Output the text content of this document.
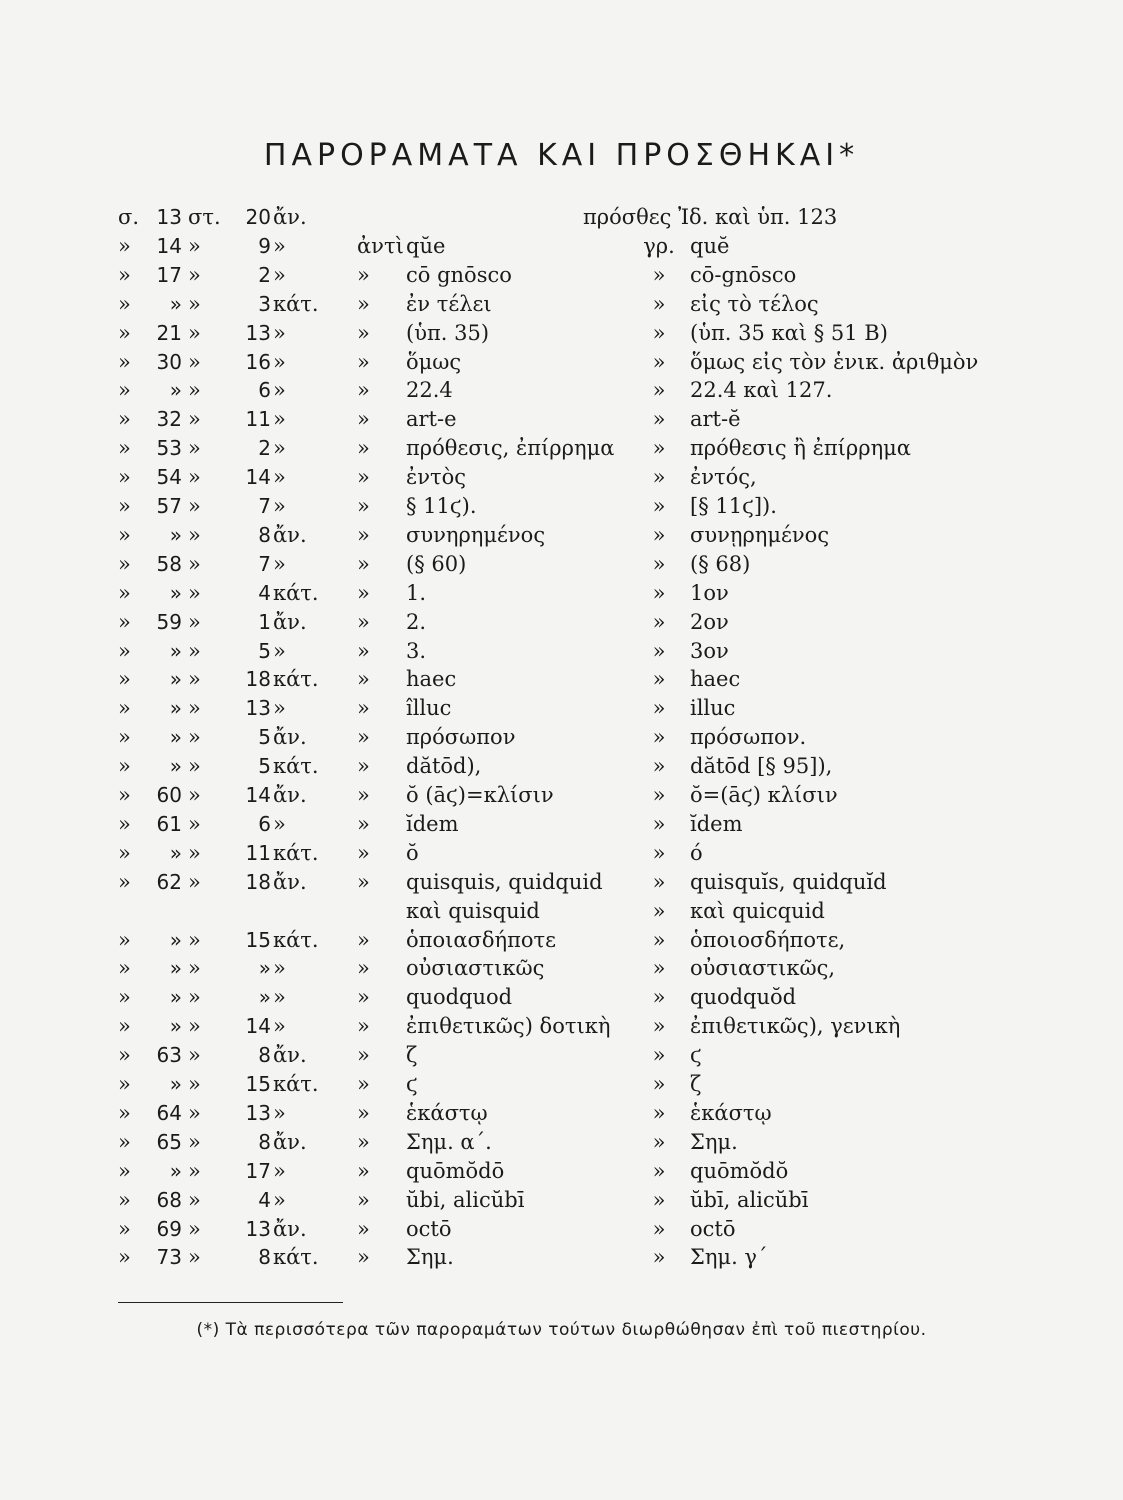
ΠΑΡΟΡΑΜΑΤΑ ΚΑΙ ΠΡΟΣΘΗΚΑΙ*
σ. 13 στ.	20 ἄν.	πρόσθες Ἰδ. καὶ ὑπ. 123
»	14 »	9 »	ἀντὶ qŭe	γρ. quĕ
»	17 »	2 »	»	cō gnōsco	»	cō-gnōsco
»	» »	3 κάτ.	»	ἐν τέλει	»	εἰς τὸ τέλος
»	21 »	13 »	»	(ὑπ. 35)	»	(ὑπ. 35 καὶ § 51 Β)
»	30 »	16 »	»	ὅμως	»	ὅμως εἰς τὸν ἑνικ. ἀριθμὸν
»	» »	6 »	»	22.4	»	22.4 καὶ 127.
»	32 »	11 »	»	art-e	»	art-ĕ
»	53 »	2 »	»	πρόθεσις, ἐπίρρημα	»	πρόθεσις ἢ ἐπίρρημα
»	54 »	14 »	»	ἐντὸς	»	ἐντός,
»	57 »	7 »	»	§ 11ϛ).	»	[§ 11ϛ]).
»	» »	8 ἄν.	»	συνηρημένος	»	συνῃρημένος
»	58 »	7 »	»	(§ 60)	»	(§ 68)
»	» »	4 κάτ.	»	1.	»	1ον
»	59 »	1 ἄν.	»	2.	»	2ον
»	» »	5 »	»	3.	»	3ον
»	» »	18 κάτ.	»	haec	»	haec
»	» »	13 »	»	îlluc	»	illuc
»	» »	5 ἄν.	»	πρόσωπον	»	πρόσωπον.
»	» »	5 κάτ.	»	dătōd),	»	dătōd [§ 95]),
»	60 »	14 ἄν.	»	ŏ (āϛ)=κλίσιν	»	ŏ=(āϛ) κλίσιν
»	61 »	6 »	»	ĭdem	»	ĭdem
»	» »	11 κάτ.	»	ŏ	»	ó
»	62 »	18 ἄν.	»	quisquis, quidquid	»	quisquĭs, quidquĭd
καὶ quisquid	»	καὶ quicquid
»	» »	15 κάτ.	»	ὁποιασδήποτε	»	ὁποιοσδήποτε,
»	» »	» »	»	οὐσιαστικῶς	»	οὐσιαστικῶς,
»	» »	» »	»	quodquod	»	quodquŏd
»	» »	14 »	»	ἐπιθετικῶς) δοτικὴ	»	ἐπιθετικῶς), γενικὴ
»	63 »	8 ἄν.	»	ζ	»	ϛ
»	» »	15 κάτ.	»	ϛ	»	ζ
»	64 »	13 »	»	ἑκάστῳ	»	ἑκάστῳ
»	65 »	8 ἄν.	»	Σημ. α΄.	»	Σημ.
»	» »	17 »	»	quōmŏdō	»	quōmŏdŏ
»	68 »	4 »	»	ŭbi, alicŭbī	»	ŭbī, alicŭbī
»	69 »	13 ἄν.	»	octō	»	octō
»	73 »	8 κάτ.	»	Σημ.	»	Σημ. γ΄
(*) Τὰ περισσότερα τῶν παροραμάτων τούτων διωρθώθησαν ἐπὶ τοῦ πιεστηρίου.
